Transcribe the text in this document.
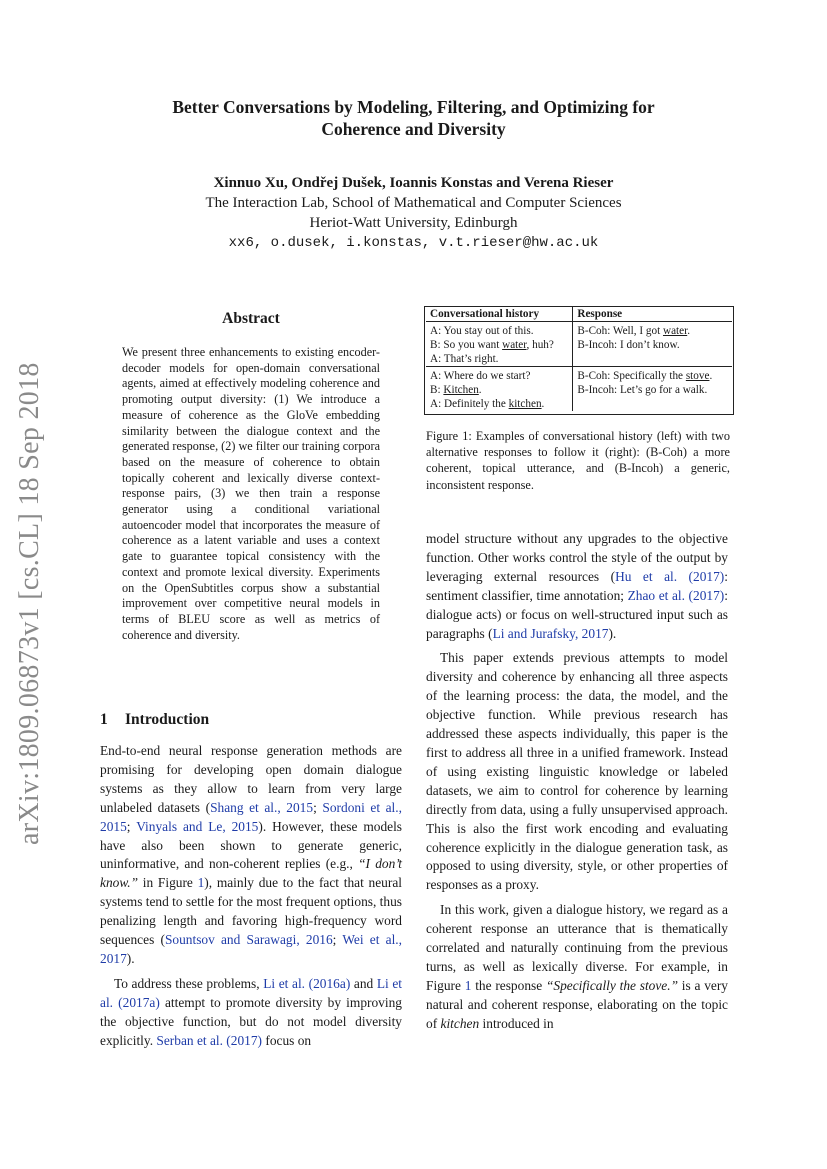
arXiv:1809.06873v1 [cs.CL] 18 Sep 2018
Better Conversations by Modeling, Filtering, and Optimizing for
Coherence and Diversity
Xinnuo Xu, Ondřej Dušek, Ioannis Konstas and Verena Rieser
The Interaction Lab, School of Mathematical and Computer Sciences
Heriot-Watt University, Edinburgh
xx6, o.dusek, i.konstas, v.t.rieser@hw.ac.uk
Abstract
We present three enhancements to existing encoder-decoder models for open-domain conversational agents, aimed at effectively modeling coherence and promoting output diversity: (1) We introduce a measure of coherence as the GloVe embedding similarity between the dialogue context and the generated response, (2) we filter our training corpora based on the measure of coherence to obtain topically coherent and lexically diverse context-response pairs, (3) we then train a response generator using a conditional variational autoencoder model that incorporates the measure of coherence as a latent variable and uses a context gate to guarantee topical consistency with the context and promote lexical diversity. Experiments on the OpenSubtitles corpus show a substantial improvement over competitive neural models in terms of BLEU score as well as metrics of coherence and diversity.
1 Introduction

End-to-end neural response generation methods are promising for developing open domain dialogue systems as they allow to learn from very large unlabeled datasets (Shang et al., 2015; Sordoni et al., 2015; Vinyals and Le, 2015). However, these models have also been shown to generate generic, uninformative, and non-coherent replies (e.g., “I don’t know.” in Figure 1), mainly due to the fact that neural systems tend to settle for the most frequent options, thus penalizing length and favoring high-frequency word sequences (Sountsov and Sarawagi, 2016; Wei et al., 2017).

To address these problems, Li et al. (2016a) and Li et al. (2017a) attempt to promote diversity by improving the objective function, but do not model diversity explicitly. Serban et al. (2017) focus on

Conversational history	Response
A: You stay out of this.	B-Coh: Well, I got water.
B: So you want water, huh?	B-Incoh: I don’t know.
A: That’s right.	
A: Where do we start?	B-Coh: Specifically the stove.
B: Kitchen.	B-Incoh: Let’s go for a walk.
A: Definitely the kitchen.	
Figure 1: Examples of conversational history (left) with two alternative responses to follow it (right): (B-Coh) a more coherent, topical utterance, and (B-Incoh) a generic, inconsistent response.

model structure without any upgrades to the objective function. Other works control the style of the output by leveraging external resources (Hu et al. (2017): sentiment classifier, time annotation; Zhao et al. (2017): dialogue acts) or focus on well-structured input such as paragraphs (Li and Jurafsky, 2017).

This paper extends previous attempts to model diversity and coherence by enhancing all three aspects of the learning process: the data, the model, and the objective function. While previous research has addressed these aspects individually, this paper is the first to address all three in a unified framework. Instead of using existing linguistic knowledge or labeled datasets, we aim to control for coherence by learning directly from data, using a fully unsupervised approach. This is also the first work encoding and evaluating coherence explicitly in the dialogue generation task, as opposed to using diversity, style, or other properties of responses as a proxy.

In this work, given a dialogue history, we regard as a coherent response an utterance that is thematically correlated and naturally continuing from the previous turns, as well as lexically diverse. For example, in Figure 1 the response “Specifically the stove.” is a very natural and coherent response, elaborating on the topic of kitchen introduced in
